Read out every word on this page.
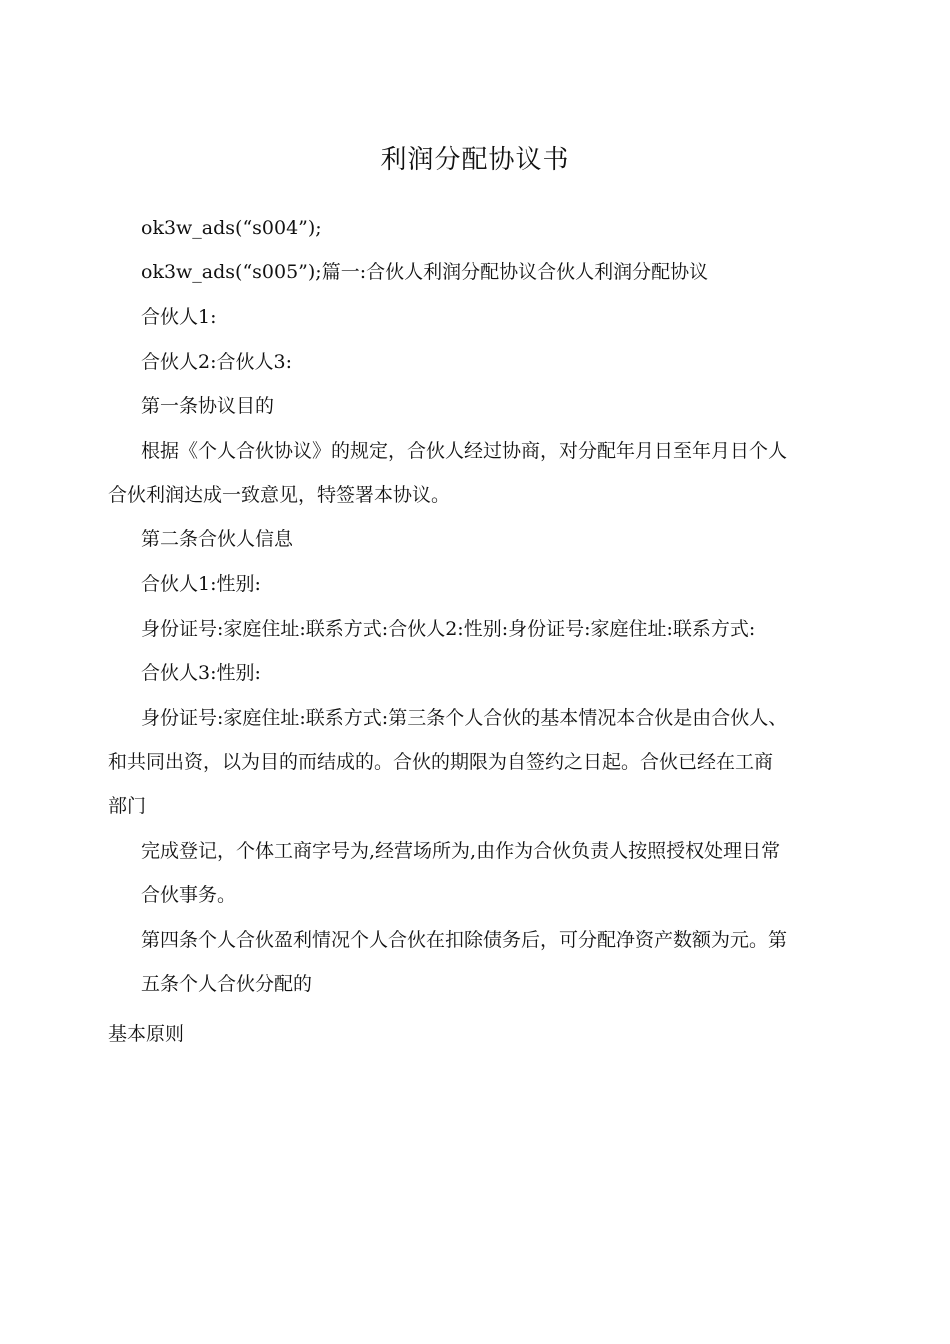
利润分配协议书
ok3w_ads(“s004”);
ok3w_ads(“s005”);篇一:合伙人利润分配协议合伙人利润分配协议
合伙人1:
合伙人2:合伙人3:
第一条协议目的
根据《个人合伙协议》的规定，合伙人经过协商，对分配年月日至年月日个人
合伙利润达成一致意见，特签署本协议。
第二条合伙人信息
合伙人1:性别:
身份证号:家庭住址:联系方式:合伙人2:性别:身份证号:家庭住址:联系方式:
合伙人3:性别:
身份证号:家庭住址:联系方式:第三条个人合伙的基本情况本合伙是由合伙人、
和共同出资，以为目的而结成的。合伙的期限为自签约之日起。合伙已经在工商
部门
完成登记，个体工商字号为,经营场所为,由作为合伙负责人按照授权处理日常
合伙事务。
第四条个人合伙盈利情况个人合伙在扣除债务后，可分配净资产数额为元。第
五条个人合伙分配的
基本原则
